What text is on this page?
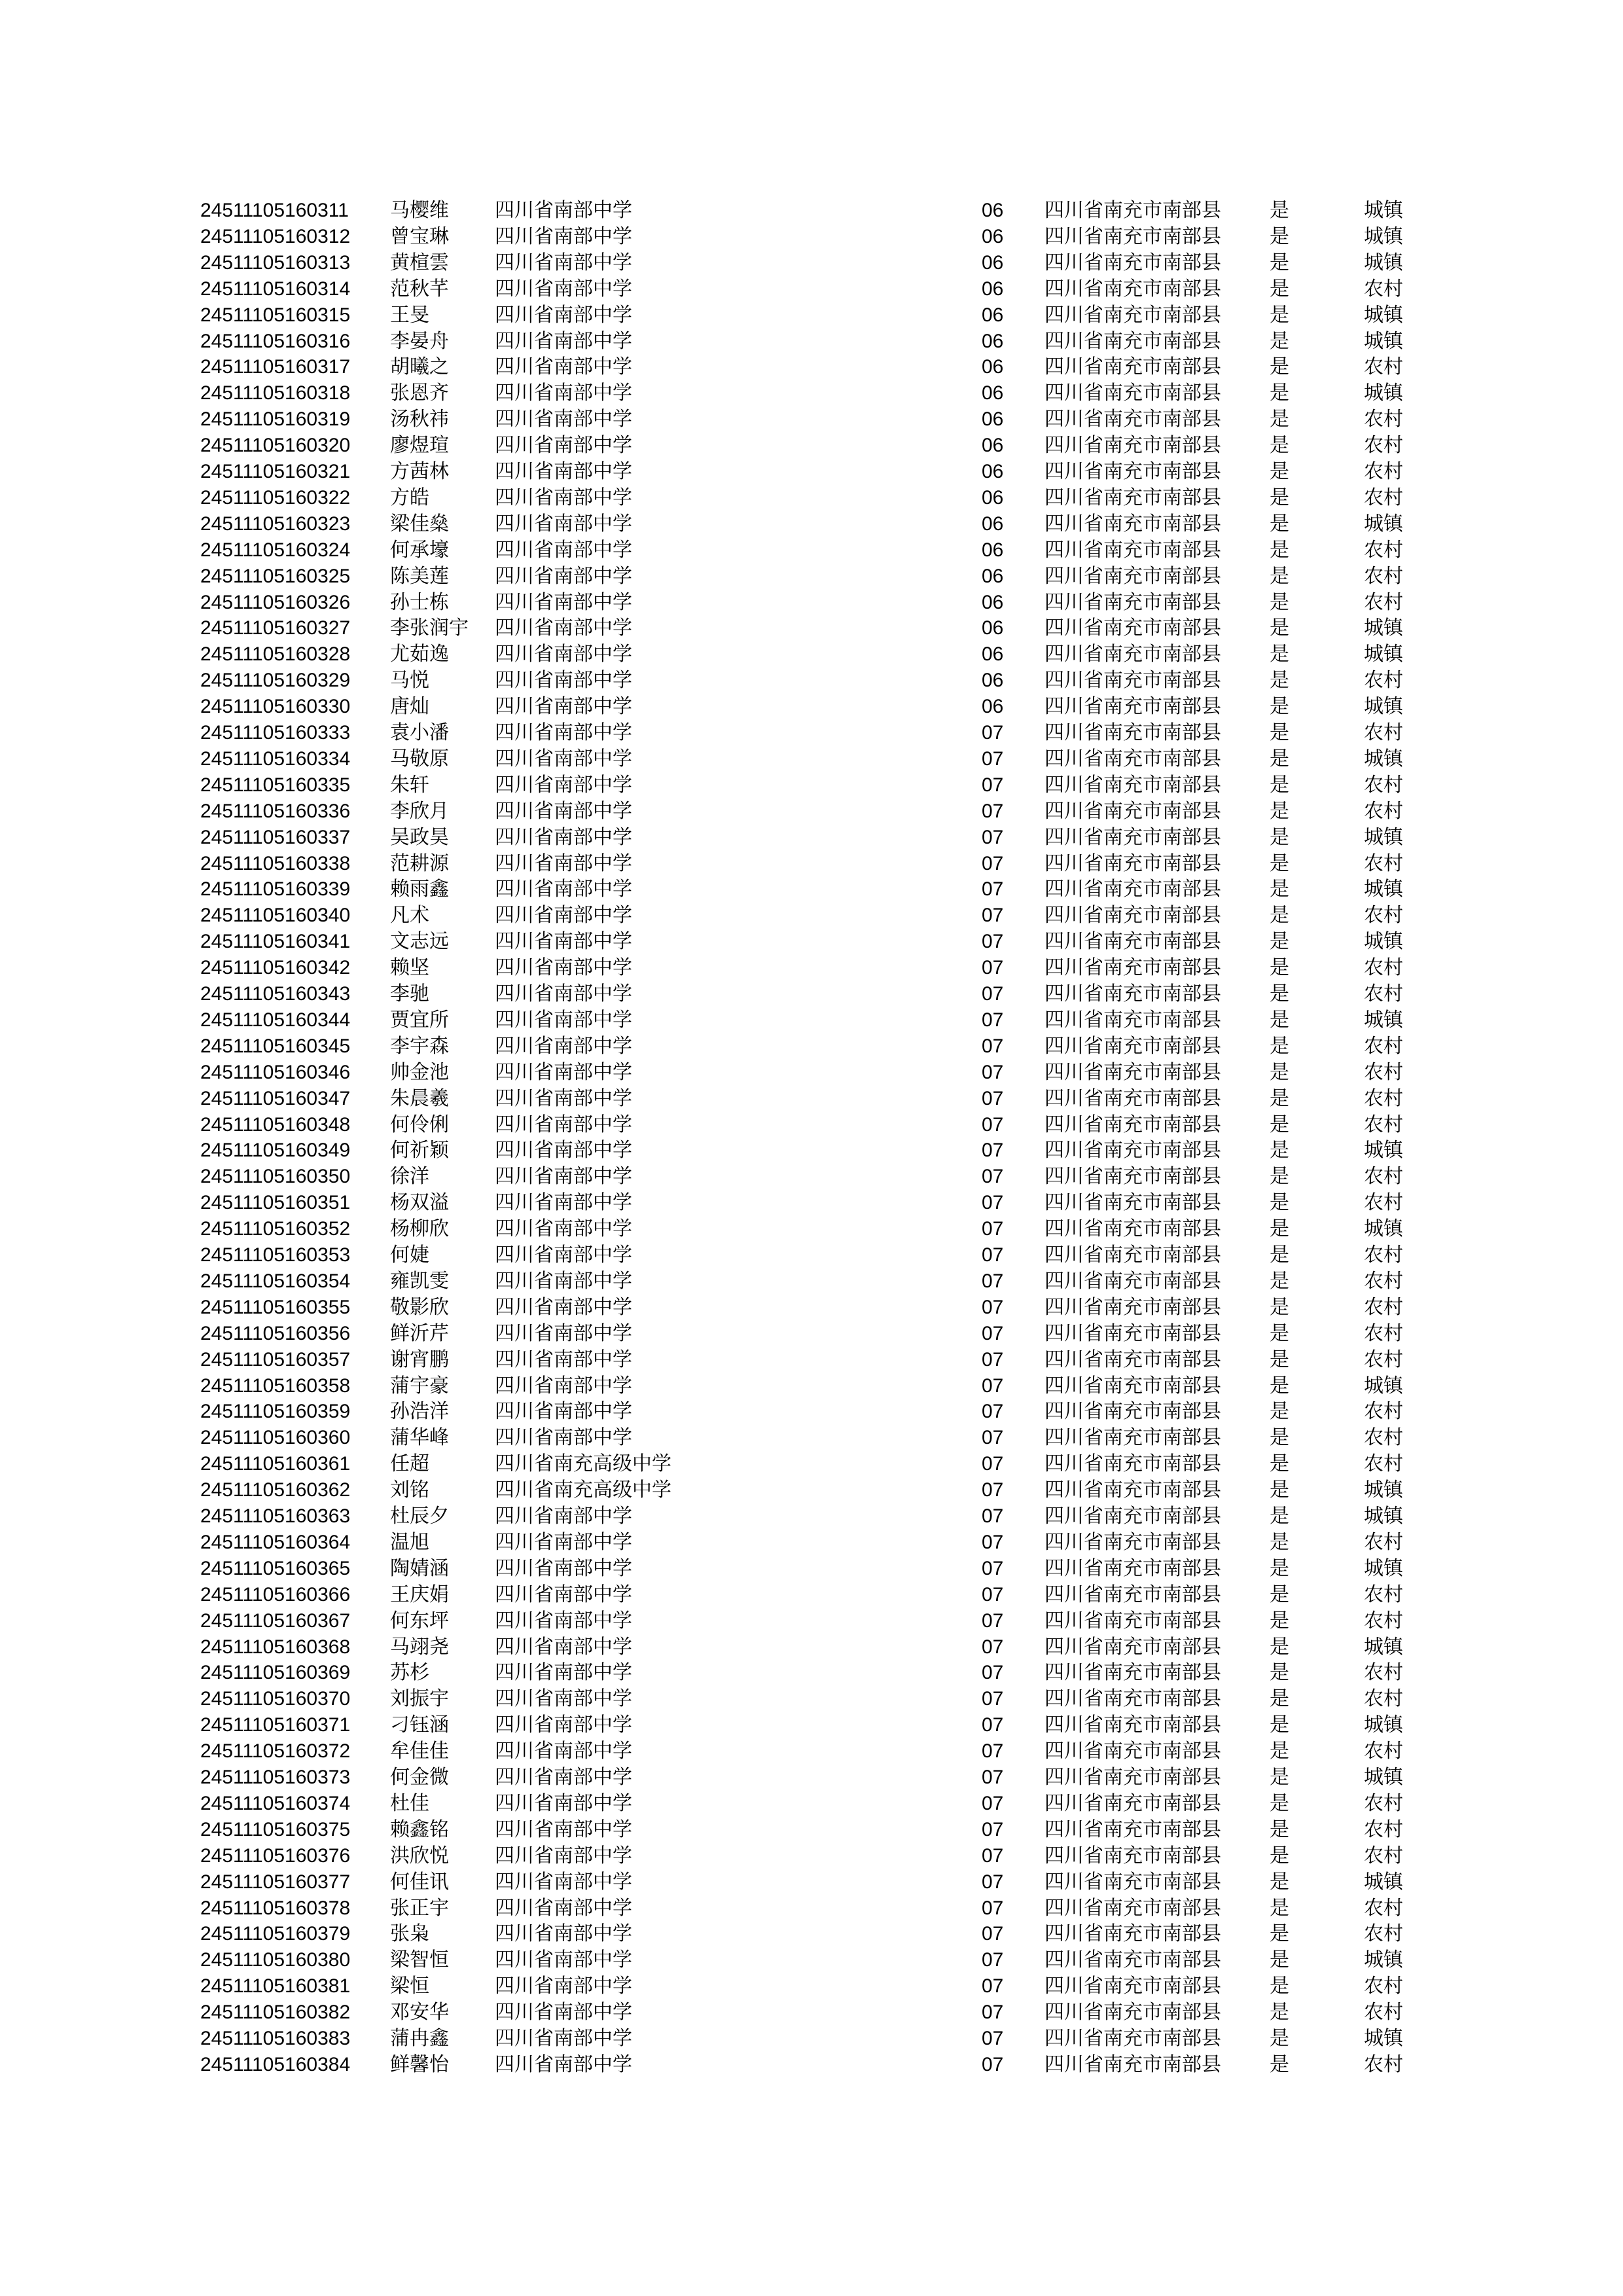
24511105160311	马樱维	四川省南部中学	06	四川省南充市南部县	是	城镇
24511105160312	曾宝琳	四川省南部中学	06	四川省南充市南部县	是	城镇
24511105160313	黄楦雲	四川省南部中学	06	四川省南充市南部县	是	城镇
24511105160314	范秋芊	四川省南部中学	06	四川省南充市南部县	是	农村
24511105160315	王旻	四川省南部中学	06	四川省南充市南部县	是	城镇
24511105160316	李晏舟	四川省南部中学	06	四川省南充市南部县	是	城镇
24511105160317	胡曦之	四川省南部中学	06	四川省南充市南部县	是	农村
24511105160318	张恩齐	四川省南部中学	06	四川省南充市南部县	是	城镇
24511105160319	汤秋祎	四川省南部中学	06	四川省南充市南部县	是	农村
24511105160320	廖煜瑄	四川省南部中学	06	四川省南充市南部县	是	农村
24511105160321	方茜林	四川省南部中学	06	四川省南充市南部县	是	农村
24511105160322	方皓	四川省南部中学	06	四川省南充市南部县	是	农村
24511105160323	梁佳燊	四川省南部中学	06	四川省南充市南部县	是	城镇
24511105160324	何承壕	四川省南部中学	06	四川省南充市南部县	是	农村
24511105160325	陈美莲	四川省南部中学	06	四川省南充市南部县	是	农村
24511105160326	孙士栋	四川省南部中学	06	四川省南充市南部县	是	农村
24511105160327	李张润宇	四川省南部中学	06	四川省南充市南部县	是	城镇
24511105160328	尤茹逸	四川省南部中学	06	四川省南充市南部县	是	城镇
24511105160329	马悦	四川省南部中学	06	四川省南充市南部县	是	农村
24511105160330	唐灿	四川省南部中学	06	四川省南充市南部县	是	城镇
24511105160333	袁小潘	四川省南部中学	07	四川省南充市南部县	是	农村
24511105160334	马敬原	四川省南部中学	07	四川省南充市南部县	是	城镇
24511105160335	朱轩	四川省南部中学	07	四川省南充市南部县	是	农村
24511105160336	李欣月	四川省南部中学	07	四川省南充市南部县	是	农村
24511105160337	吴政昊	四川省南部中学	07	四川省南充市南部县	是	城镇
24511105160338	范耕源	四川省南部中学	07	四川省南充市南部县	是	农村
24511105160339	赖雨鑫	四川省南部中学	07	四川省南充市南部县	是	城镇
24511105160340	凡术	四川省南部中学	07	四川省南充市南部县	是	农村
24511105160341	文志远	四川省南部中学	07	四川省南充市南部县	是	城镇
24511105160342	赖坚	四川省南部中学	07	四川省南充市南部县	是	农村
24511105160343	李驰	四川省南部中学	07	四川省南充市南部县	是	农村
24511105160344	贾宜所	四川省南部中学	07	四川省南充市南部县	是	城镇
24511105160345	李宇森	四川省南部中学	07	四川省南充市南部县	是	农村
24511105160346	帅金池	四川省南部中学	07	四川省南充市南部县	是	农村
24511105160347	朱晨羲	四川省南部中学	07	四川省南充市南部县	是	农村
24511105160348	何伶俐	四川省南部中学	07	四川省南充市南部县	是	农村
24511105160349	何祈颖	四川省南部中学	07	四川省南充市南部县	是	城镇
24511105160350	徐洋	四川省南部中学	07	四川省南充市南部县	是	农村
24511105160351	杨双溢	四川省南部中学	07	四川省南充市南部县	是	农村
24511105160352	杨柳欣	四川省南部中学	07	四川省南充市南部县	是	城镇
24511105160353	何婕	四川省南部中学	07	四川省南充市南部县	是	农村
24511105160354	雍凯雯	四川省南部中学	07	四川省南充市南部县	是	农村
24511105160355	敬影欣	四川省南部中学	07	四川省南充市南部县	是	农村
24511105160356	鲜沂芹	四川省南部中学	07	四川省南充市南部县	是	农村
24511105160357	谢宵鹏	四川省南部中学	07	四川省南充市南部县	是	农村
24511105160358	蒲宇豪	四川省南部中学	07	四川省南充市南部县	是	城镇
24511105160359	孙浩洋	四川省南部中学	07	四川省南充市南部县	是	农村
24511105160360	蒲华峰	四川省南部中学	07	四川省南充市南部县	是	农村
24511105160361	任超	四川省南充高级中学	07	四川省南充市南部县	是	农村
24511105160362	刘铭	四川省南充高级中学	07	四川省南充市南部县	是	城镇
24511105160363	杜辰夕	四川省南部中学	07	四川省南充市南部县	是	城镇
24511105160364	温旭	四川省南部中学	07	四川省南充市南部县	是	农村
24511105160365	陶婧涵	四川省南部中学	07	四川省南充市南部县	是	城镇
24511105160366	王庆娟	四川省南部中学	07	四川省南充市南部县	是	农村
24511105160367	何东坪	四川省南部中学	07	四川省南充市南部县	是	农村
24511105160368	马翊尧	四川省南部中学	07	四川省南充市南部县	是	城镇
24511105160369	苏杉	四川省南部中学	07	四川省南充市南部县	是	农村
24511105160370	刘振宇	四川省南部中学	07	四川省南充市南部县	是	农村
24511105160371	刁钰涵	四川省南部中学	07	四川省南充市南部县	是	城镇
24511105160372	牟佳佳	四川省南部中学	07	四川省南充市南部县	是	农村
24511105160373	何金微	四川省南部中学	07	四川省南充市南部县	是	城镇
24511105160374	杜佳	四川省南部中学	07	四川省南充市南部县	是	农村
24511105160375	赖鑫铭	四川省南部中学	07	四川省南充市南部县	是	农村
24511105160376	洪欣悦	四川省南部中学	07	四川省南充市南部县	是	农村
24511105160377	何佳讯	四川省南部中学	07	四川省南充市南部县	是	城镇
24511105160378	张正宇	四川省南部中学	07	四川省南充市南部县	是	农村
24511105160379	张枭	四川省南部中学	07	四川省南充市南部县	是	农村
24511105160380	梁智恒	四川省南部中学	07	四川省南充市南部县	是	城镇
24511105160381	梁恒	四川省南部中学	07	四川省南充市南部县	是	农村
24511105160382	邓安华	四川省南部中学	07	四川省南充市南部县	是	农村
24511105160383	蒲冉鑫	四川省南部中学	07	四川省南充市南部县	是	城镇
24511105160384	鲜馨怡	四川省南部中学	07	四川省南充市南部县	是	农村
